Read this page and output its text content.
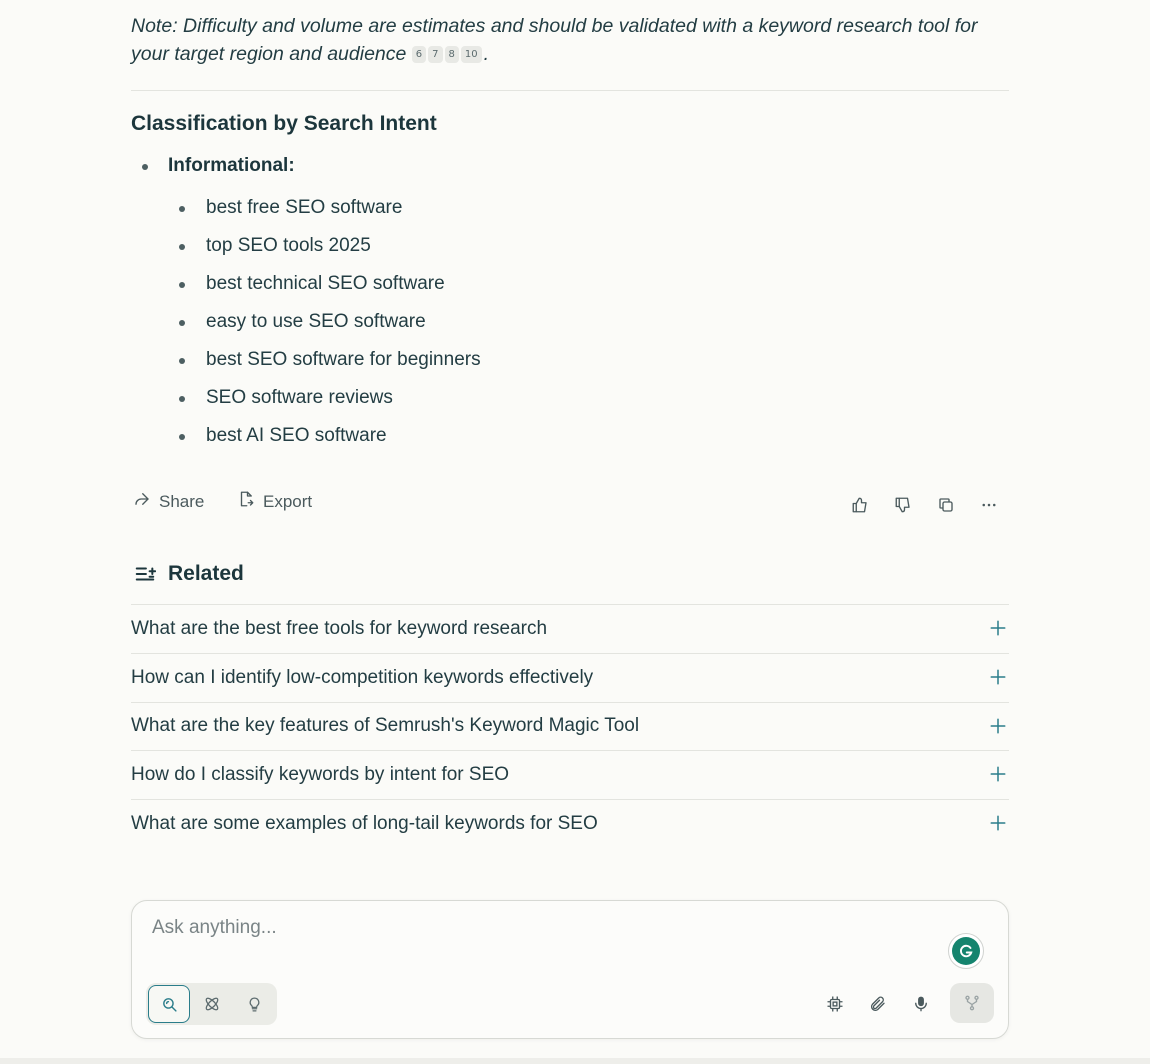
Note: Difficulty and volume are estimates and should be validated with a keyword research tool for your target region and audience 6 7 8 10 .
Classification by Search Intent
Informational:
best free SEO software
top SEO tools 2025
best technical SEO software
easy to use SEO software
best SEO software for beginners
SEO software reviews
best AI SEO software
Share	Export
Related
What are the best free tools for keyword research
How can I identify low-competition keywords effectively
What are the key features of Semrush's Keyword Magic Tool
How do I classify keywords by intent for SEO
What are some examples of long-tail keywords for SEO
Ask anything...
